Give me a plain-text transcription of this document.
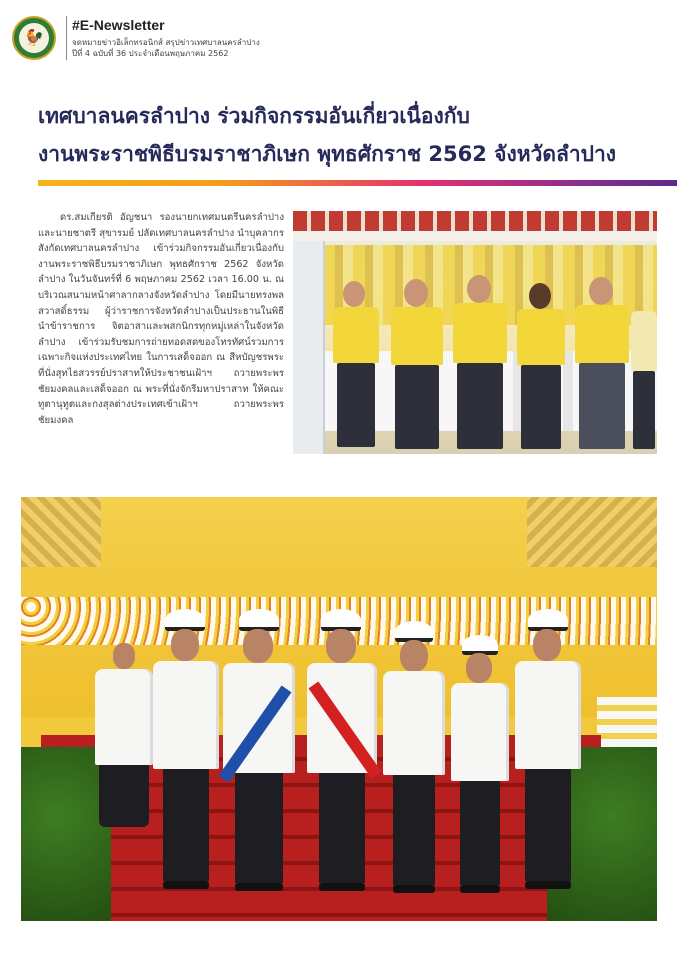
🐓
#E-Newsletter
จดหมายข่าวอิเล็กทรอนิกส์ สรุปข่าวเทศบาลนครลำปาง
ปีที่ 4 ฉบับที่ 36 ประจำเดือนพฤษภาคม 2562
เทศบาลนครลำปาง ร่วมกิจกรรมอันเกี่ยวเนื่องกับ
งานพระราชพิธีบรมราชาภิเษก พุทธศักราช 2562 จังหวัดลำปาง
ดร.สมเกียรติ อัญชนา รองนายกเทศมนตรีนครลำปาง และนายชาตรี สุขารมย์ ปลัดเทศบาลนครลำปาง นำบุคลากรสังกัดเทศบาลนครลำปาง เข้าร่วมกิจกรรมอันเกี่ยวเนื่องกับงานพระราชพิธีบรมราชาภิเษก พุทธศักราช 2562 จังหวัดลำปาง ในวันจันทร์ที่ 6 พฤษภาคม 2562 เวลา 16.00 น. ณ บริเวณสนามหน้าศาลากลางจังหวัดลำปาง โดยมีนายทรงพล สวาสดิ์ธรรม ผู้ว่าราชการจังหวัดลำปางเป็นประธานในพิธี นำข้าราชการ จิตอาสาและพสกนิกรทุกหมู่เหล่าในจังหวัดลำปาง เข้าร่วมรับชมการถ่ายทอดสดของโทรทัศน์รวมการเฉพาะกิจแห่งประเทศไทย ในการเสด็จออก ณ สีหบัญชรพระที่นั่งสุทไธสวรรย์ปราสาทให้ประชาชนเฝ้าฯ ถวายพระพรชัยมงคลและเสด็จออก ณ พระที่นั่งจักรีมหาปราสาท ให้คณะทูตานุทูตและกงสุลต่างประเทศเข้าเฝ้าฯ ถวายพระพรชัยมงคล
